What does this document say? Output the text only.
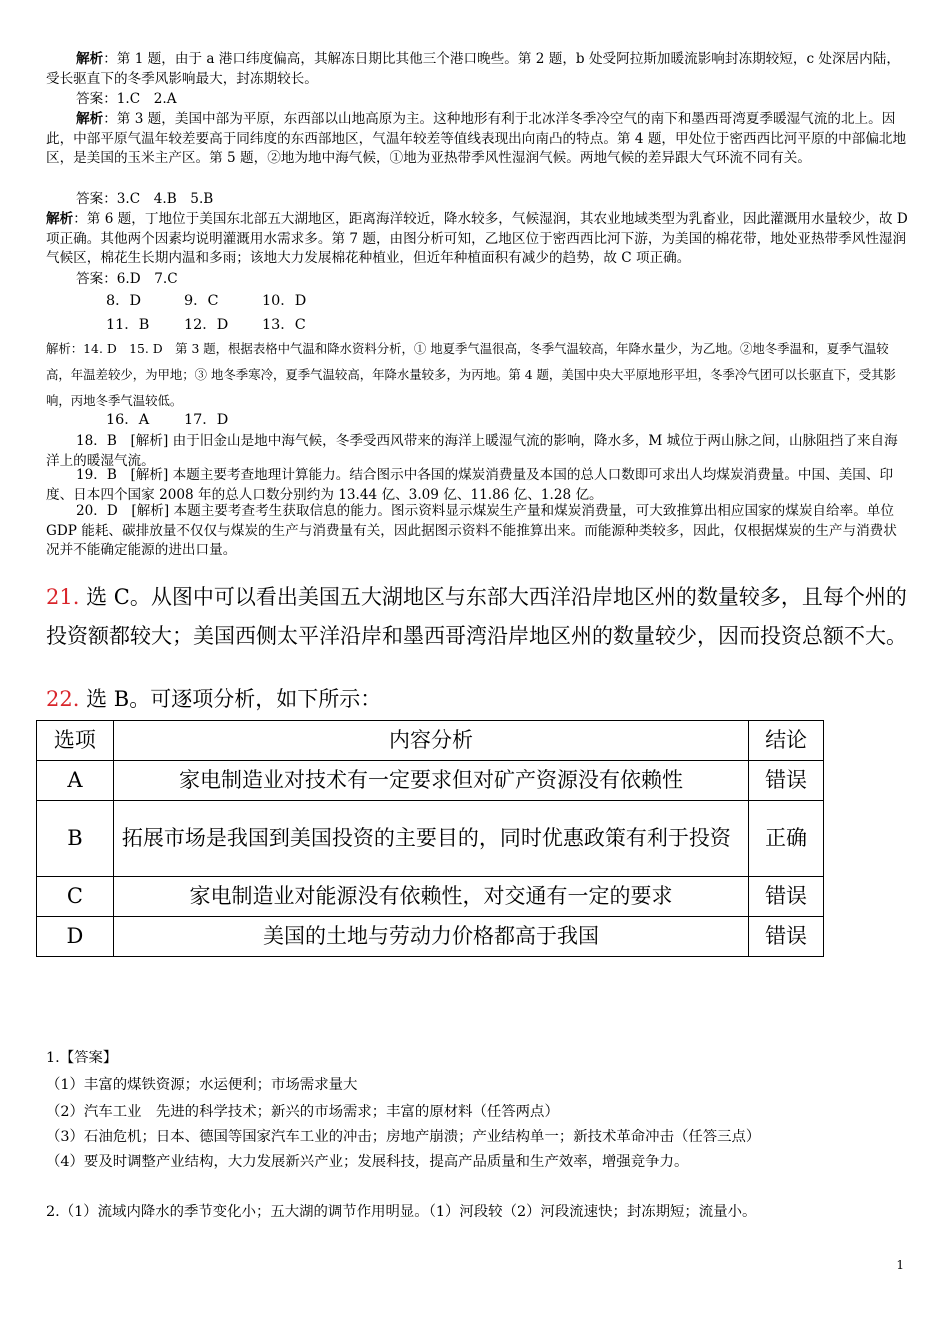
解析：第 1 题，由于 a 港口纬度偏高，其解冻日期比其他三个港口晚些。第 2 题，b 处受阿拉斯加暖流影响封冻期较短，c 处深居内陆，受长驱直下的冬季风影响最大，封冻期较长。

答案：1.C　2.A

解析：第 3 题，美国中部为平原，东西部以山地高原为主。这种地形有利于北冰洋冬季冷空气的南下和墨西哥湾夏季暖湿气流的北上。因此，中部平原气温年较差要高于同纬度的东西部地区，气温年较差等值线表现出向南凸的特点。第 4 题，甲处位于密西西比河平原的中部偏北地区，是美国的玉米主产区。第 5 题，②地为地中海气候，①地为亚热带季风性湿润气候。两地气候的差异跟大气环流不同有关。

答案：3.C　4.B　5.B

解析：第 6 题，丁地位于美国东北部五大湖地区，距离海洋较近，降水较多，气候湿润，其农业地域类型为乳畜业，因此灌溉用水量较少，故 D 项正确。其他两个因素均说明灌溉用水需求多。第 7 题，由图分析可知，乙地区位于密西西比河下游，为美国的棉花带，地处亚热带季风性湿润气候区，棉花生长期内温和多雨；该地大力发展棉花种植业，但近年种植面积有减少的趋势，故 C 项正确。

答案：6.D　7.C

8．D	9．C	10．D

11．B 12．D 13．C

解析：14. D　15. D　第 3 题，根据表格中气温和降水资料分析，① 地夏季气温很高，冬季气温较高，年降水量少，为乙地。②地冬季温和，夏季气温较高，年温差较少，为甲地；③ 地冬季寒冷，夏季气温较高，年降水量较多，为丙地。第 4 题，美国中央大平原地形平坦，冬季冷气团可以长驱直下，受其影响，丙地冬季气温较低。

16．A 17．D

18．B　 [解析] 由于旧金山是地中海气候，冬季受西风带来的海洋上暖湿气流的影响，降水多，M 城位于两山脉之间，山脉阻挡了来自海洋上的暖湿气流。

19．B　 [解析] 本题主要考查地理计算能力。结合图示中各国的煤炭消费量及本国的总人口数即可求出人均煤炭消费量。中国、美国、印度、日本四个国家 2008 年的总人口数分别约为 13.44 亿、3.09 亿、11.86 亿、1.28 亿。

20．D　 [解析] 本题主要考查考生获取信息的能力。图示资料显示煤炭生产量和煤炭消费量，可大致推算出相应国家的煤炭自给率。单位 GDP 能耗、碳排放量不仅仅与煤炭的生产与消费量有关，因此据图示资料不能推算出来。而能源种类较多，因此，仅根据煤炭的生产与消费状况并不能确定能源的进出口量。

21. 选 C。从图中可以看出美国五大湖地区与东部大西洋沿岸地区州的数量较多，且每个州的投资额都较大；美国西侧太平洋沿岸和墨西哥湾沿岸地区州的数量较少，因而投资总额不大。

22. 选 B。可逐项分析，如下所示：

选项	内容分析	结论
A	家电制造业对技术有一定要求但对矿产资源没有依赖性	错误
B	拓展市场是我国到美国投资的主要目的，同时优惠政策有利于投资	正确
C	家电制造业对能源没有依赖性，对交通有一定的要求	错误
D	美国的土地与劳动力价格都高于我国	错误

1.【答案】

（1）丰富的煤铁资源；水运便利；市场需求量大

（2）汽车工业　先进的科学技术；新兴的市场需求；丰富的原材料（任答两点）

（3）石油危机；日本、德国等国家汽车工业的冲击；房地产崩溃；产业结构单一；新技术革命冲击（任答三点）

（4）要及时调整产业结构，大力发展新兴产业；发展科技，提高产品质量和生产效率，增强竞争力。

2.（1）流域内降水的季节变化小；五大湖的调节作用明显。（1）河段较（2）河段流速快；封冻期短；流量小。

1
